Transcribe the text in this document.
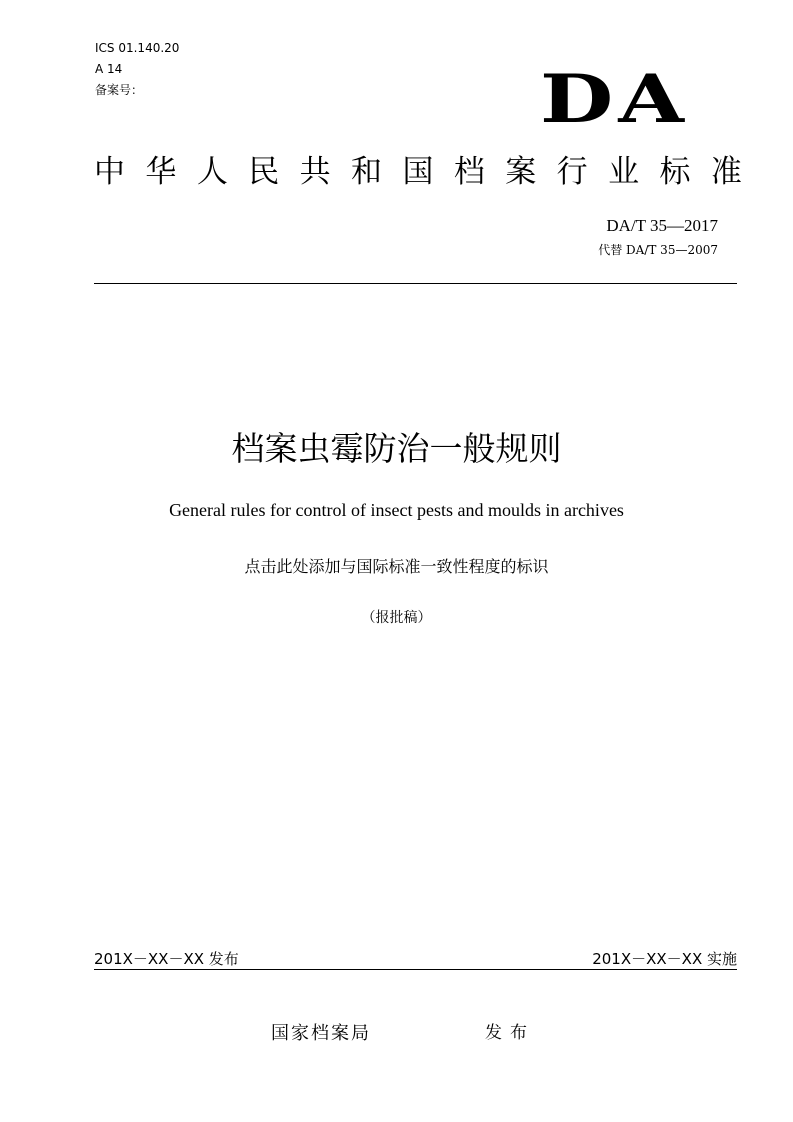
ICS 01.140.20
A 14
备案号：	DA
中 华 人 民 共 和 国 档 案 行 业 标 准
DA/T 35—2017
代替 DA/T 35—2007
档案虫霉防治一般规则
General rules for control of insect pests and moulds in archives
点击此处添加与国际标准一致性程度的标识
（报批稿）
201X－XX－XX 发布	201X－XX－XX 实施
国家档案局	发布
